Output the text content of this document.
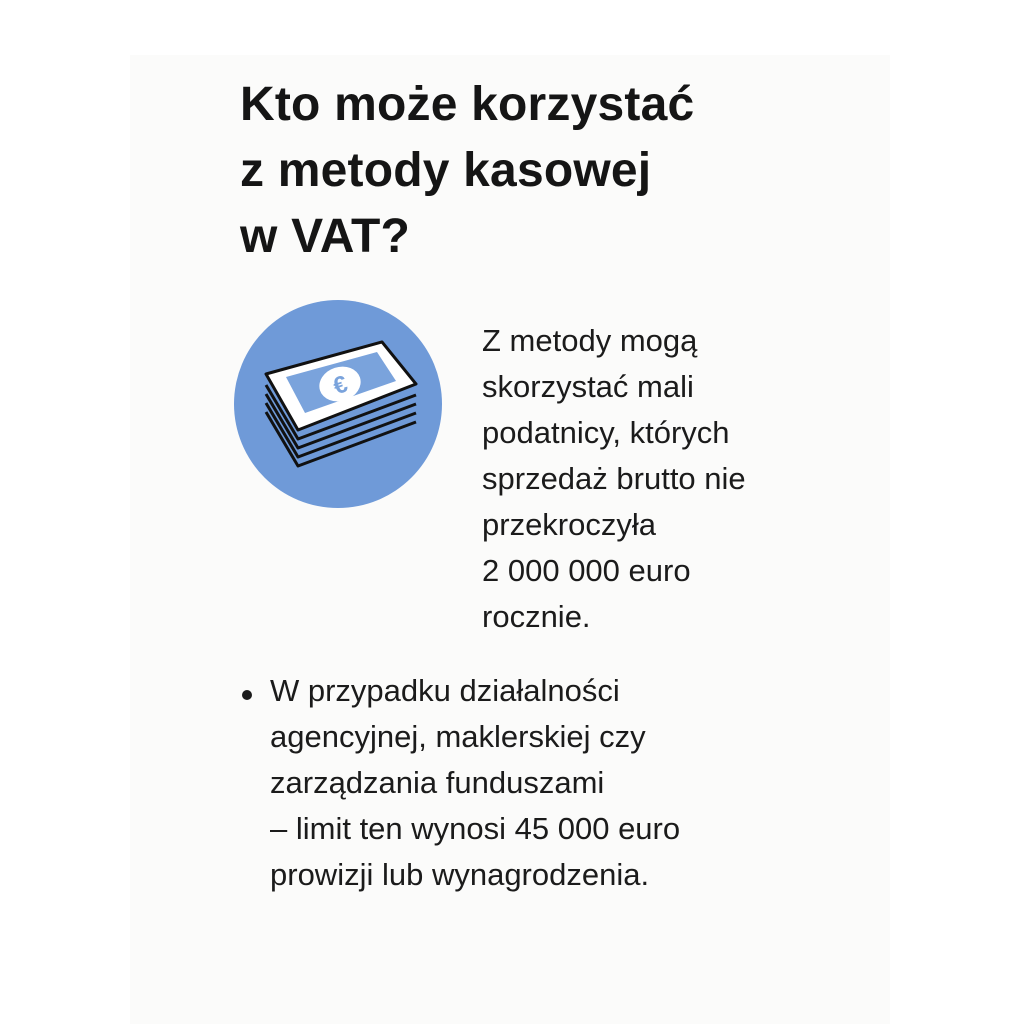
Kto może korzystać
z metody kasowej
w VAT?
€
Z metody mogą
skorzystać mali
podatnicy, których
sprzedaż brutto nie
przekroczyła
2 000 000 euro
rocznie.
W przypadku działalności
agencyjnej, maklerskiej czy
zarządzania funduszami
– limit ten wynosi 45 000 euro
prowizji lub wynagrodzenia.
